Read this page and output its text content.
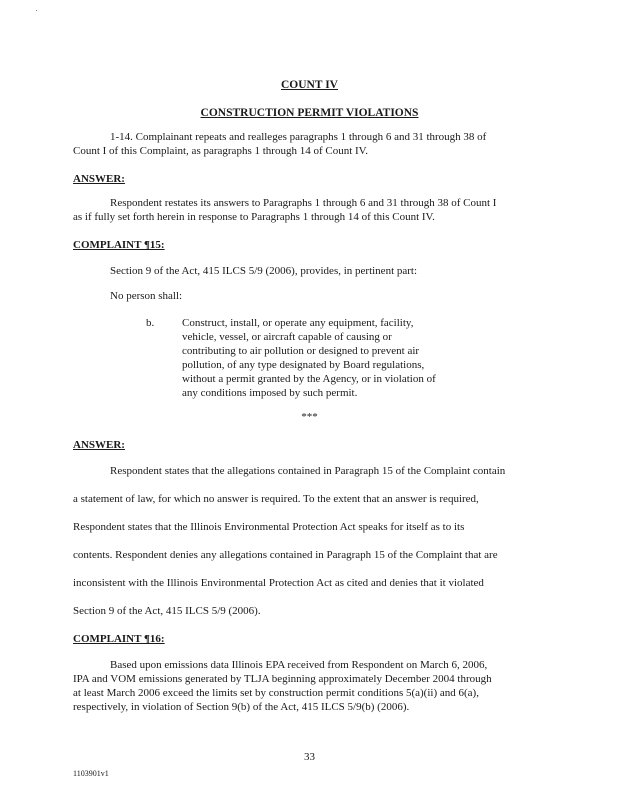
COUNT IV
CONSTRUCTION PERMIT VIOLATIONS
1-14. Complainant repeats and realleges paragraphs 1 through 6 and 31 through 38 of
Count I of this Complaint, as paragraphs 1 through 14 of Count IV.
ANSWER:
Respondent restates its answers to Paragraphs 1 through 6 and 31 through 38 of Count I
as if fully set forth herein in response to Paragraphs 1 through 14 of this Count IV.
COMPLAINT ¶15:
Section 9 of the Act, 415 ILCS 5/9 (2006), provides, in pertinent part:
No person shall:
b.	Construct, install, or operate any equipment, facility,
vehicle, vessel, or aircraft capable of causing or
contributing to air pollution or designed to prevent air
pollution, of any type designated by Board regulations,
without a permit granted by the Agency, or in violation of
any conditions imposed by such permit.
***
ANSWER:
Respondent states that the allegations contained in Paragraph 15 of the Complaint contain
a statement of law, for which no answer is required. To the extent that an answer is required,
Respondent states that the Illinois Environmental Protection Act speaks for itself as to its
contents. Respondent denies any allegations contained in Paragraph 15 of the Complaint that are
inconsistent with the Illinois Environmental Protection Act as cited and denies that it violated
Section 9 of the Act, 415 ILCS 5/9 (2006).
COMPLAINT ¶16:
Based upon emissions data Illinois EPA received from Respondent on March 6, 2006,
IPA and VOM emissions generated by TLJA beginning approximately December 2004 through
at least March 2006 exceed the limits set by construction permit conditions 5(a)(ii) and 6(a),
respectively, in violation of Section 9(b) of the Act, 415 ILCS 5/9(b) (2006).
33
1103901v1
